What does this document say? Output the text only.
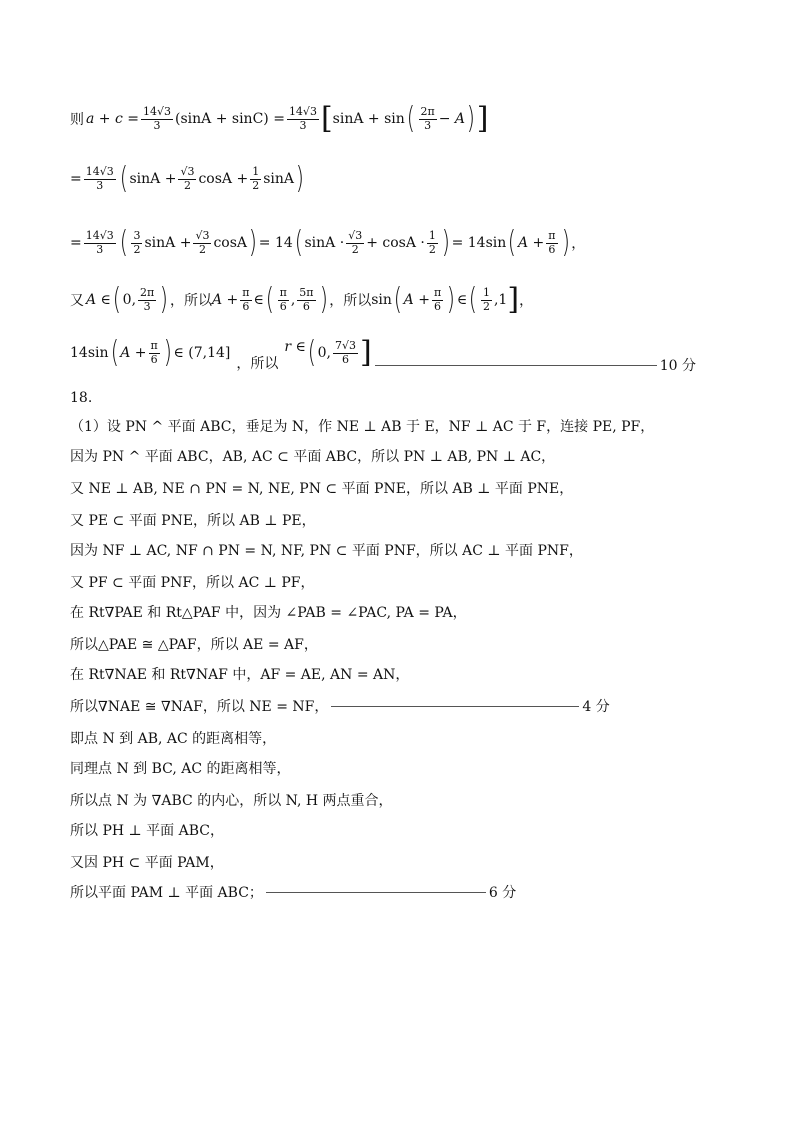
则 $a + c = \frac{14√3}{3} (\sin A + \sin C) = \frac{14√3}{3}$ [ sinA + sin ( $\frac{2\pi}{3} - A$ ) ]
= $\frac{14√3}{3}$ ( $\sin A + \frac{√3}{2}$ $\cos A + \frac{1}{2}$ sinA )
= $\frac{14√3}{3}$ ( $\frac{3}{2}$ $\sin A + \frac{√3}{2}$ cosA ) = 14 ( $\sin A \cdot \frac{√3}{2} + \cos A \cdot \frac{1}{2}$ ) = 14sin ( $A + \frac{\pi}{6}$ ) ，
又 A ∈ ( 0, $\frac{2\pi}{3}$ ) ，所以 $A + \frac{\pi}{6}$ ∈ ( $\frac{\pi}{6}$ , $\frac{5\pi}{6}$ ) ，所以 sin ( $A + \frac{\pi}{6}$ ) ∈ ( $\frac{1}{2} ,1$ ] ，
14sin ( $A + \frac{\pi}{6}$ ) ∈ (7,14]
，所以
r ∈ ( 0, $\frac{7√3}{6}$ ]	10 分
18.
（1）设 PN ^ 平面 ABC，垂足为 N，作 NE ⊥ AB 于 E，NF ⊥ AC 于 F，连接 PE, PF，
因为 PN ^ 平面 ABC，AB, AC ⊂ 平面 ABC，所以 PN ⊥ AB, PN ⊥ AC，
又 NE ⊥ AB, NE ∩ PN = N, NE, PN ⊂ 平面 PNE，所以 AB ⊥ 平面 PNE，
又 PE ⊂ 平面 PNE，所以 AB ⊥ PE，
因为 NF ⊥ AC, NF ∩ PN = N, NF, PN ⊂ 平面 PNF，所以 AC ⊥ 平面 PNF，
又 PF ⊂ 平面 PNF，所以 AC ⊥ PF，
在 Rt∇PAE 和 Rt△PAF 中，因为 ∠PAB = ∠PAC, PA = PA，
所以△PAE ≅ △PAF，所以 AE = AF，
在 Rt∇NAE 和 Rt∇NAF 中，AF = AE, AN = AN，
所以∇NAE ≅ ∇NAF，所以 NE = NF，	4 分
即点 N 到 AB, AC 的距离相等，
同理点 N 到 BC, AC 的距离相等，
所以点 N 为 ∇ABC 的内心，所以 N, H 两点重合，
所以 PH ⊥ 平面 ABC，
又因 PH ⊂ 平面 PAM，
所以平面 PAM ⊥ 平面 ABC；	6 分
